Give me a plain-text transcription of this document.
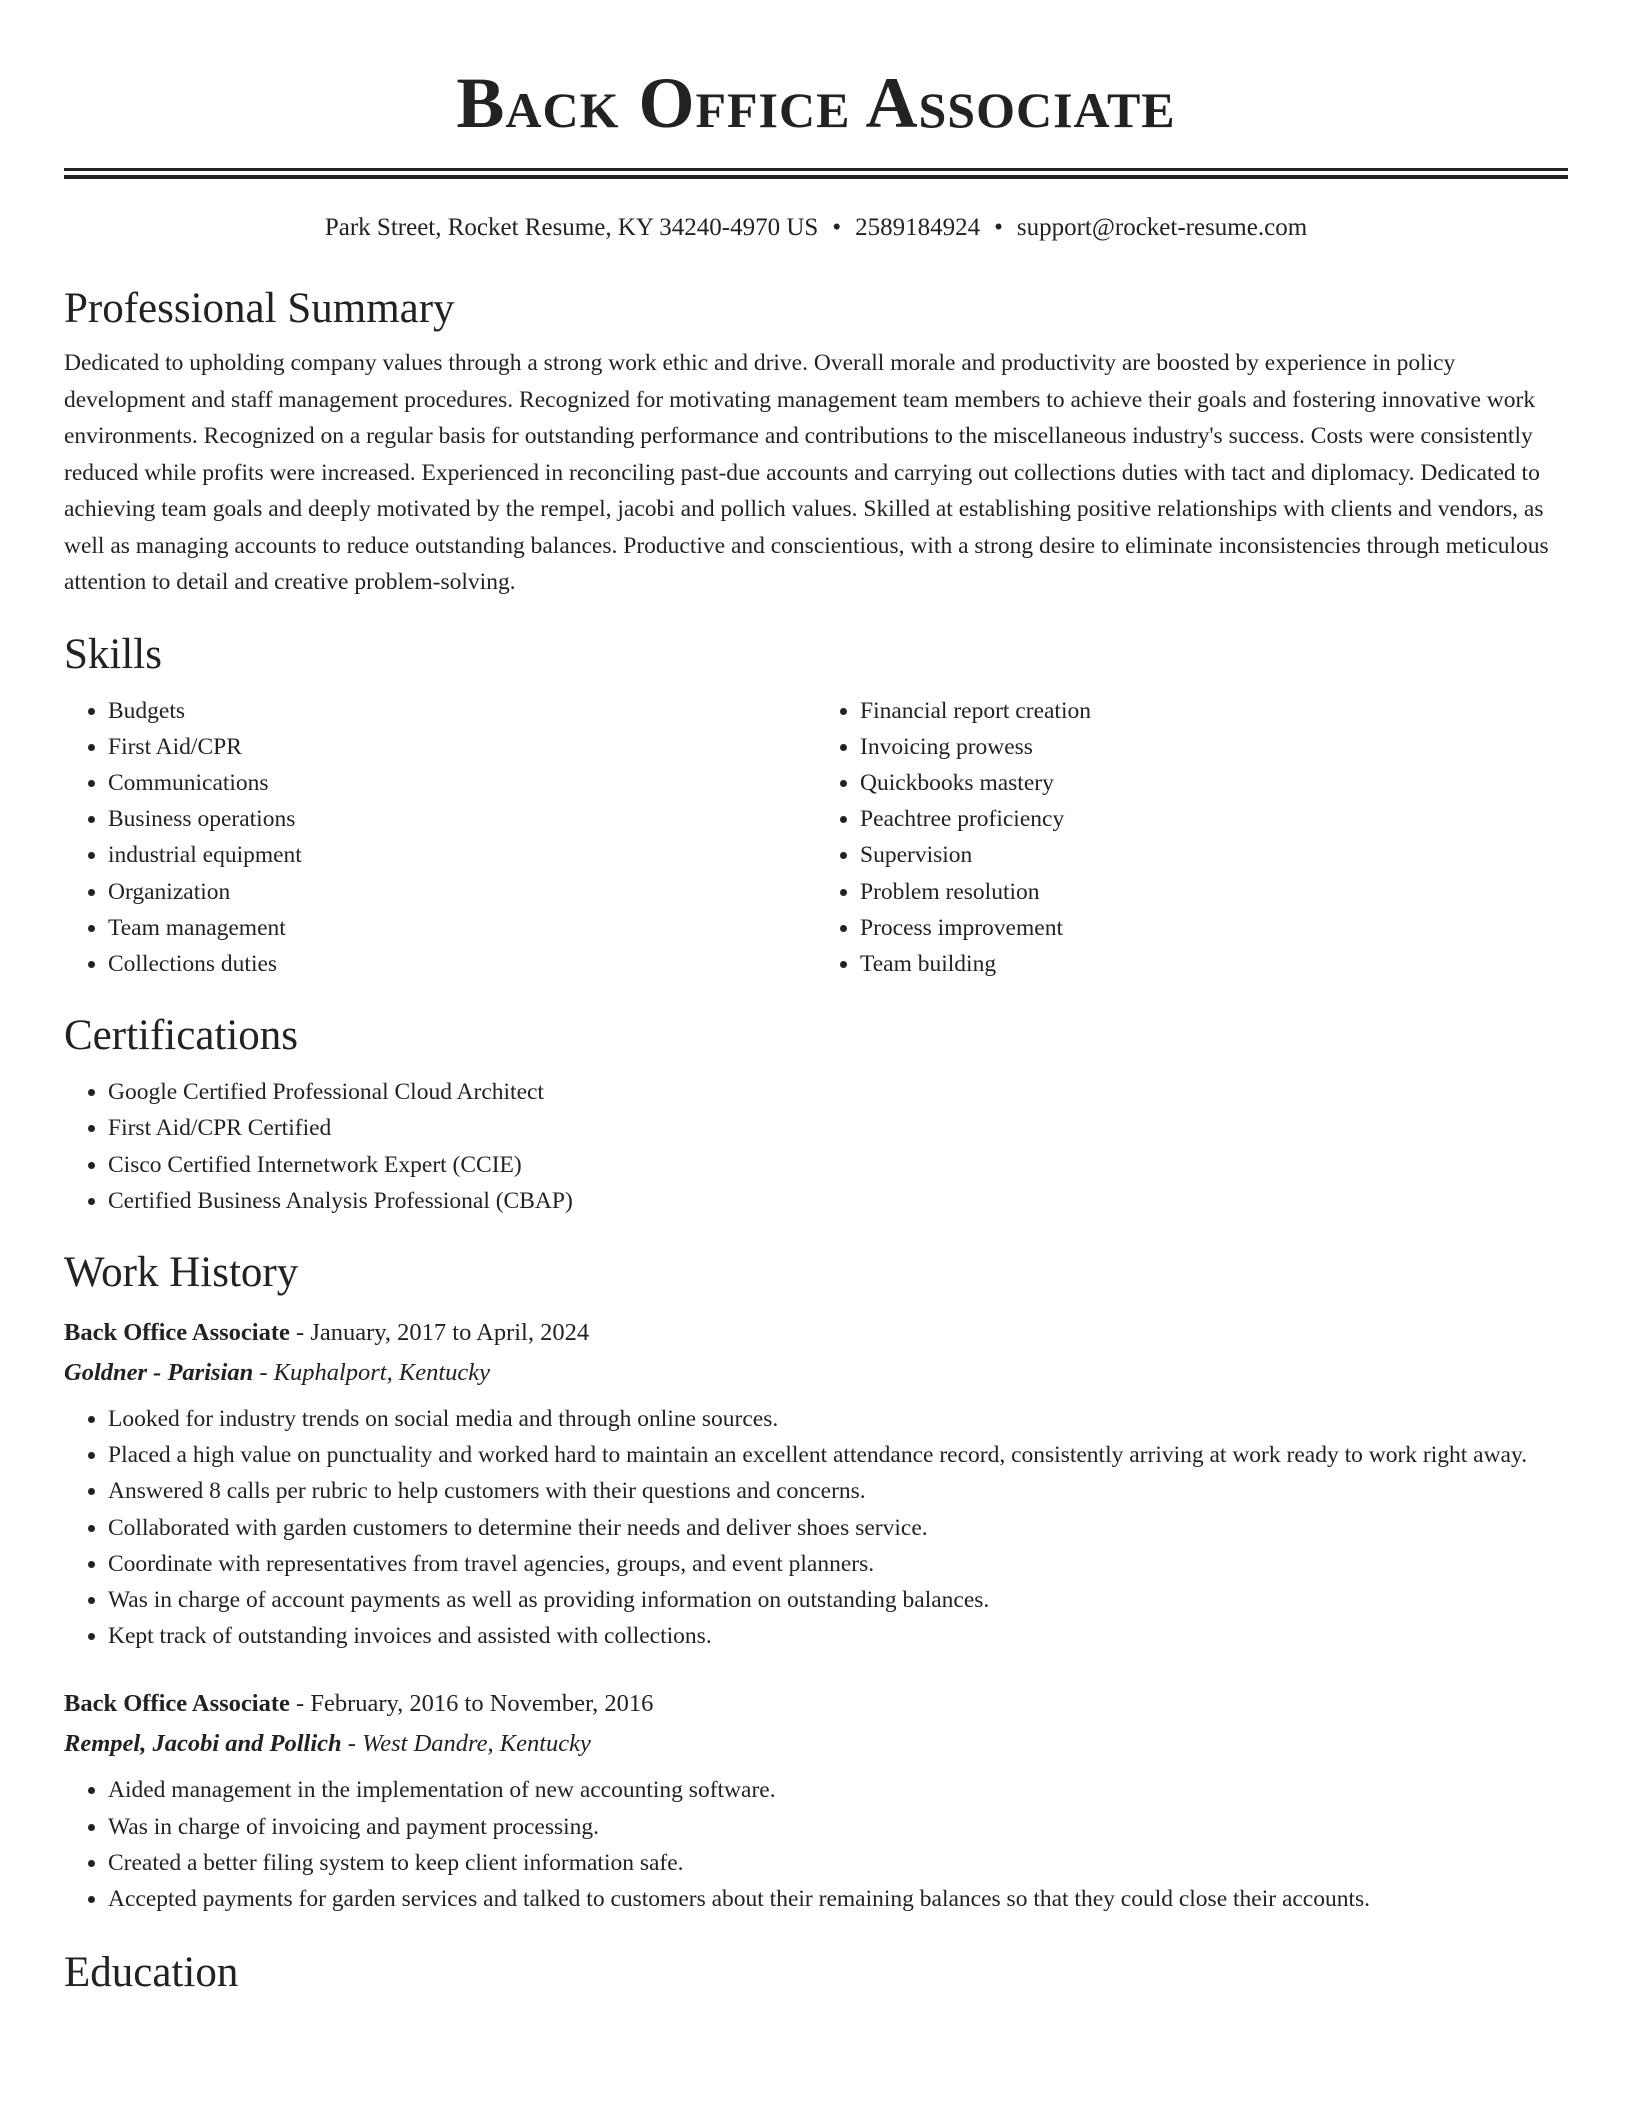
Back Office Associate
Park Street, Rocket Resume, KY 34240-4970 US • 2589184924 • support@rocket-resume.com
Professional Summary

Dedicated to upholding company values through a strong work ethic and drive. Overall morale and productivity are boosted by experience in policy development and staff management procedures. Recognized for motivating management team members to achieve their goals and fostering innovative work environments. Recognized on a regular basis for outstanding performance and contributions to the miscellaneous industry's success. Costs were consistently reduced while profits were increased. Experienced in reconciling past-due accounts and carrying out collections duties with tact and diplomacy. Dedicated to achieving team goals and deeply motivated by the rempel, jacobi and pollich values. Skilled at establishing positive relationships with clients and vendors, as well as managing accounts to reduce outstanding balances. Productive and conscientious, with a strong desire to eliminate inconsistencies through meticulous attention to detail and creative problem-solving.

Skills
• Budgets
• First Aid/CPR
• Communications
• Business operations
• industrial equipment
• Organization
• Team management
• Collections duties
• Financial report creation
• Invoicing prowess
• Quickbooks mastery
• Peachtree proficiency
• Supervision
• Problem resolution
• Process improvement
• Team building
Certifications
• Google Certified Professional Cloud Architect
• First Aid/CPR Certified
• Cisco Certified Internetwork Expert (CCIE)
• Certified Business Analysis Professional (CBAP)
Work History
Back Office Associate - January, 2017 to April, 2024
Goldner - Parisian - Kuphalport, Kentucky
• Looked for industry trends on social media and through online sources.
• Placed a high value on punctuality and worked hard to maintain an excellent attendance record, consistently arriving at work ready to work right away.
• Answered 8 calls per rubric to help customers with their questions and concerns.
• Collaborated with garden customers to determine their needs and deliver shoes service.
• Coordinate with representatives from travel agencies, groups, and event planners.
• Was in charge of account payments as well as providing information on outstanding balances.
• Kept track of outstanding invoices and assisted with collections.
Back Office Associate - February, 2016 to November, 2016
Rempel, Jacobi and Pollich - West Dandre, Kentucky
• Aided management in the implementation of new accounting software.
• Was in charge of invoicing and payment processing.
• Created a better filing system to keep client information safe.
• Accepted payments for garden services and talked to customers about their remaining balances so that they could close their accounts.
Education
